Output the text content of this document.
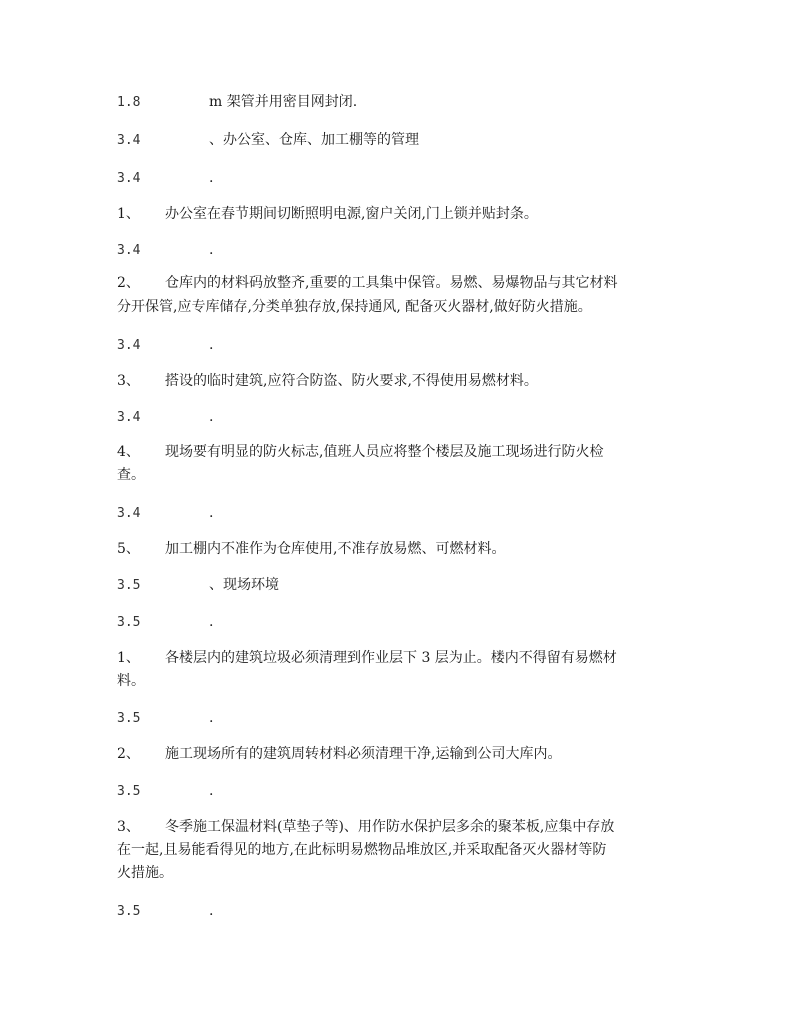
1.8	m 架管并用密目网封闭.
3.4	、办公室、仓库、加工棚等的管理
3.4	.
1、 办公室在春节期间切断照明电源,窗户关闭,门上锁并贴封条。
3.4	.
2、 仓库内的材料码放整齐,重要的工具集中保管。易燃、易爆物品与其它材料
分开保管,应专库储存,分类单独存放,保持通风, 配备灭火器材,做好防火措施。
3.4	.
3、 搭设的临时建筑,应符合防盗、防火要求,不得使用易燃材料。
3.4	.
4、 现场要有明显的防火标志,值班人员应将整个楼层及施工现场进行防火检
查。
3.4	.
5、 加工棚内不准作为仓库使用,不准存放易燃、可燃材料。
3.5	、现场环境
3.5	.
1、 各楼层内的建筑垃圾必须清理到作业层下 3 层为止。楼内不得留有易燃材
料。
3.5	.
2、 施工现场所有的建筑周转材料必须清理干净,运输到公司大库内。
3.5	.
3、 冬季施工保温材料(草垫子等)、用作防水保护层多余的聚苯板,应集中存放
在一起,且易能看得见的地方,在此标明易燃物品堆放区,并采取配备灭火器材等防
火措施。
3.5	.
